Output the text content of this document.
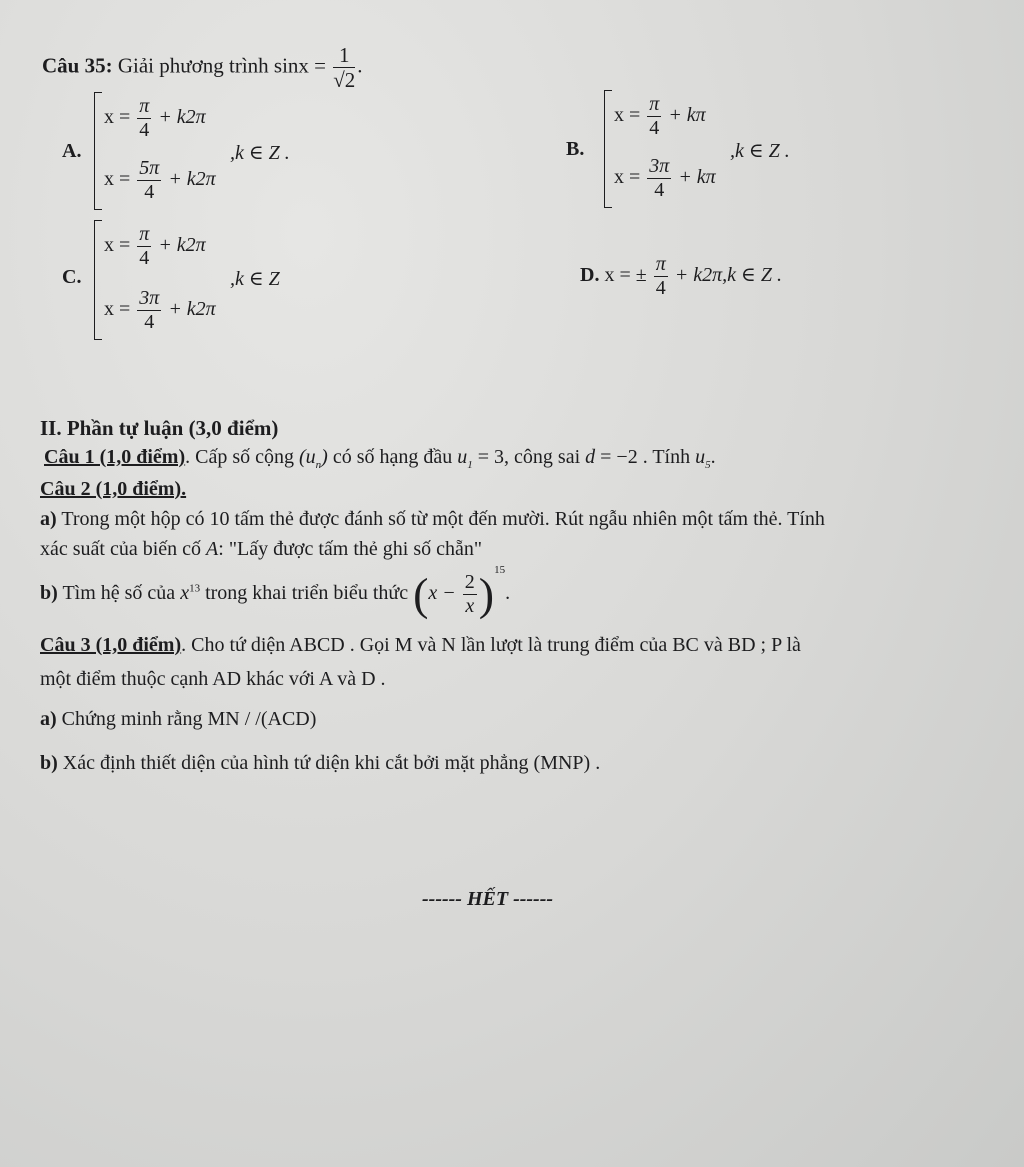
Câu 35: Giải phương trình $\sin x = \frac{1}{√2}$ .
A.
$x = \frac{\pi}{4} + k2\pi$
$x = \frac{5\pi}{4} + k2\pi$
,k ∈ Z .	B.
$x = \frac{\pi}{4} + k\pi$
$x = \frac{3\pi}{4} + k\pi$
,k ∈ Z .
C.
$x = \frac{\pi}{4} + k2\pi$
$x = \frac{3\pi}{4} + k2\pi$
,k ∈ Z	D. x = ± $\frac{\pi}{4} + k2\pi,k$ ∈ Z .
II. Phần tự luận (3,0 điểm)
Câu 1 (1,0 điểm). Cấp số cộng $(u_n)$ có số hạng đầu $u_1 = 3$, công sai d = −2 . Tính $u_5$.
Câu 2 (1,0 điểm).
a) Trong một hộp có 10 tấm thẻ được đánh số từ một đến mười. Rút ngẫu nhiên một tấm thẻ. Tính
xác suất của biến cố A: "Lấy được tấm thẻ ghi số chẵn"
b) Tìm hệ số của $x^{13}$ trong khai triển biểu thức $(x - \frac{2}{x} )^{15}$.
Câu 3 (1,0 điểm). Cho tứ diện ABCD . Gọi M và N lần lượt là trung điểm của BC và BD ; P là
một điểm thuộc cạnh AD khác với A và D .
a) Chứng minh rằng MN / /(ACD)
b) Xác định thiết diện của hình tứ diện khi cắt bởi mặt phẳng (MNP) .
------ HẾT ------
